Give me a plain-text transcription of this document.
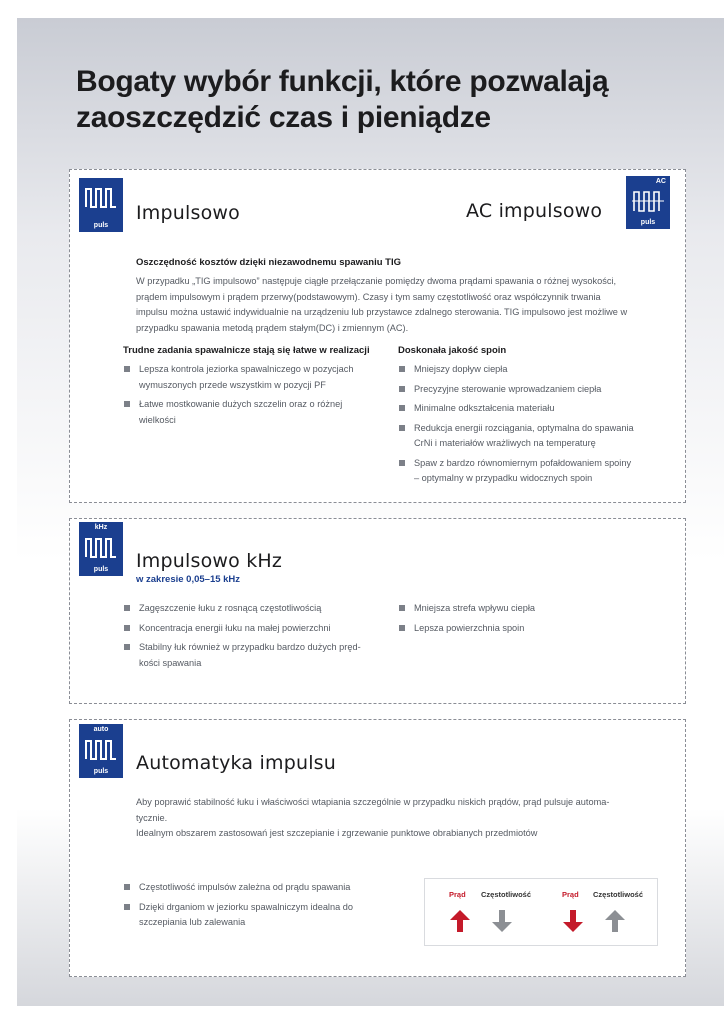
Bogaty wybór funkcji, które pozwalają
zaoszczędzić czas i pieniądze
puls
Impulsowo	AC impulsowo
AC
puls
Oszczędność kosztów dzięki niezawodnemu spawaniu TIG
W przypadku „TIG impulsowo” następuje ciągłe przełączanie pomiędzy dwoma prądami spawania o różnej wysokości,
prądem impulsowym i prądem przerwy(podstawowym). Czasy i tym samy częstotliwość oraz współczynnik trwania
impulsu można ustawić indywidualnie na urządzeniu lub przystawce zdalnego sterowania. TIG impulsowo jest możliwe w
przypadku spawania metodą prądem stałym(DC) i zmiennym (AC).
Trudne zadania spawalnicze stają się łatwe w realizacji
Lepsza kontrola jeziorka spawalniczego w pozycjach
wymuszonych przede wszystkim w pozycji PF
Łatwe mostkowanie dużych szczelin oraz o różnej
wielkości
Doskonała jakość spoin
Mniejszy dopływ ciepła
Precyzyjne sterowanie wprowadzaniem ciepła
Minimalne odkształcenia materiału
Redukcja energii rozciągania, optymalna do spawania
CrNi i materiałów wrażliwych na temperaturę
Spaw z bardzo równomiernym pofałdowaniem spoiny
– optymalny w przypadku widocznych spoin
kHz
puls	Impulsowo kHz
w zakresie 0,05–15 kHz
Zagęszczenie łuku z rosnącą częstotliwością
Koncentracja energii łuku na małej powierzchni
Stabilny łuk również w przypadku bardzo dużych pręd-
kości spawania
Mniejsza strefa wpływu ciepła
Lepsza powierzchnia spoin
auto
puls	Automatyka impulsu
Aby poprawić stabilność łuku i właściwości wtapiania szczególnie w przypadku niskich prądów, prąd pulsuje automa-
tycznie.
Idealnym obszarem zastosowań jest szczepianie i zgrzewanie punktowe obrabianych przedmiotów
Częstotliwość impulsów zależna od prądu spawania
Dzięki drganiom w jeziorku spawalniczym idealna do
szczepiania lub zalewania
Prąd Częstotliwość	Prąd Częstotliwość
